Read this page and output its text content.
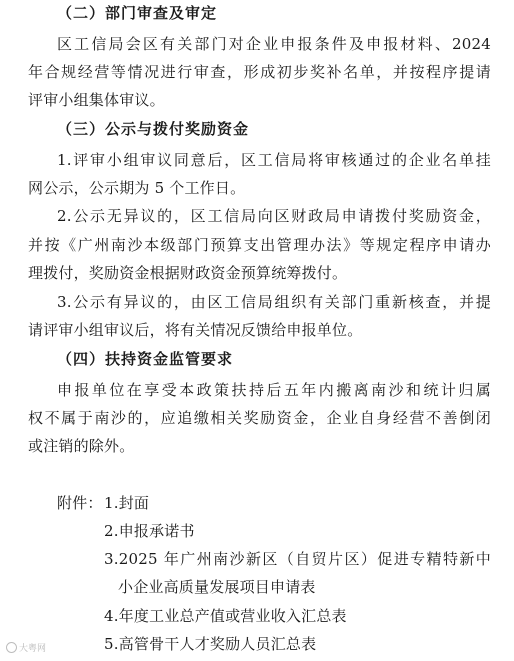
（二）部门审查及审定
区工信局会区有关部门对企业申报条件及申报材料、2024
年合规经营等情况进行审查，形成初步奖补名单，并按程序提请
评审小组集体审议。
（三）公示与拨付奖励资金
1.评审小组审议同意后，区工信局将审核通过的企业名单挂
网公示，公示期为 5 个工作日。
2.公示无异议的，区工信局向区财政局申请拨付奖励资金，
并按《广州南沙本级部门预算支出管理办法》等规定程序申请办
理拨付，奖励资金根据财政资金预算统筹拨付。
3.公示有异议的，由区工信局组织有关部门重新核查，并提
请评审小组审议后，将有关情况反馈给申报单位。
（四）扶持资金监管要求
申报单位在享受本政策扶持后五年内搬离南沙和统计归属
权不属于南沙的，应追缴相关奖励资金，企业自身经营不善倒闭
或注销的除外。
附件： 1.封面
2.申报承诺书
3.2025 年广州南沙新区（自贸片区）促进专精特新中
小企业高质量发展项目申请表
4.年度工业总产值或营业收入汇总表
5.高管骨干人才奖励人员汇总表
大粤网
